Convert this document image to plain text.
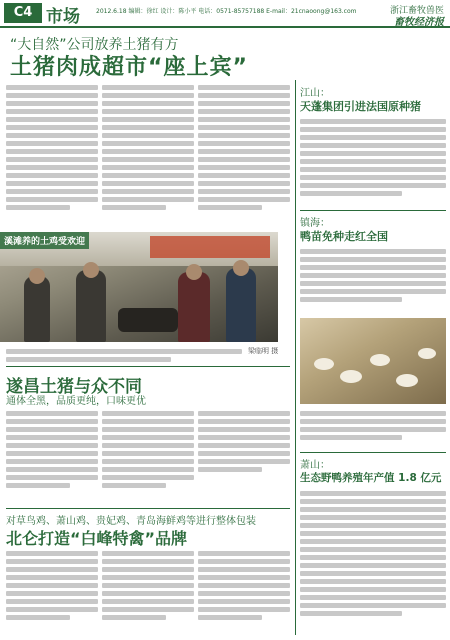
C4 市场	2012.6.18 编辑：徐红 设计：陈小平 电话：0571-85757188 E-mail：21cnaoong@163.com	浙江畜牧兽医
畜牧经济报
“大自然”公司放养土猪有方
土猪肉成超市“座上宾”
溪滩养的土鸡受欢迎
梁临明 摄
遂昌土猪与众不同
通体全黑，品质更纯，口味更优
对草鸟鸡、萧山鸡、贵妃鸡、青岛海鲜鸡等进行整体包装
北仑打造“白峰特禽”品牌
江山：
天蓬集团引进法国原种猪
镇海：
鸭苗免种走红全国
萧山：
生态野鸭养殖年产值 1.8 亿元
